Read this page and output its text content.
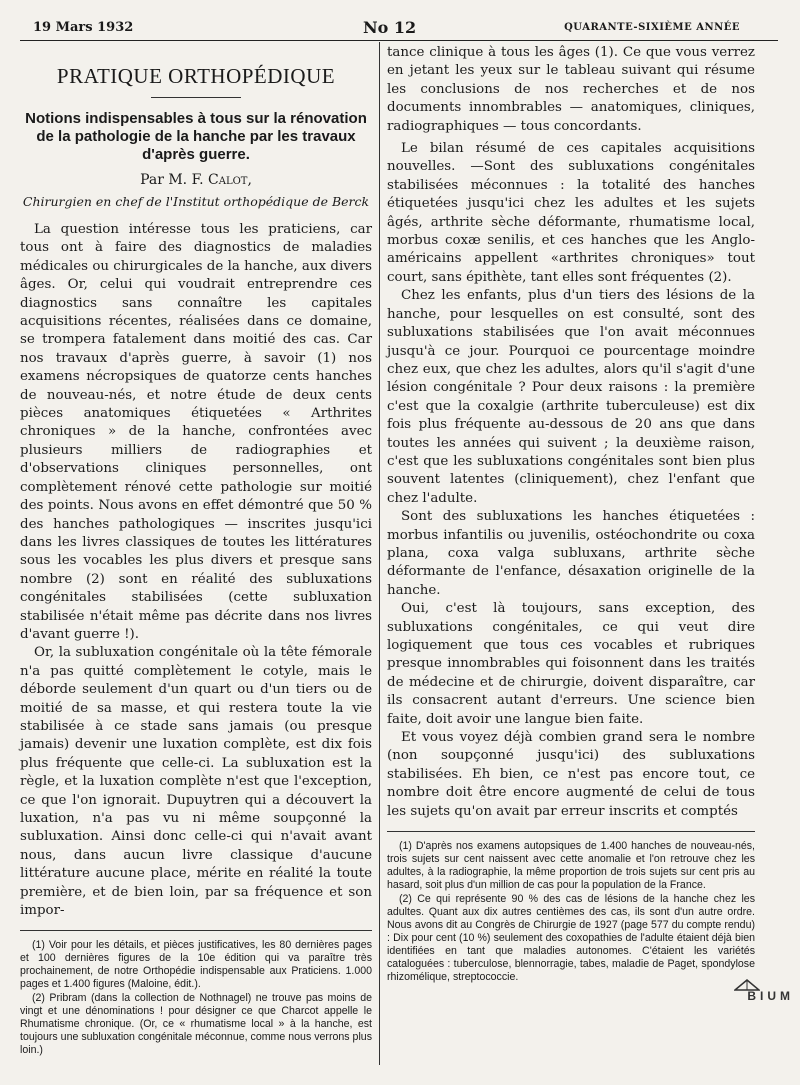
19 Mars 1932	No 12	QUARANTE-SIXIÈME ANNÉE
PRATIQUE ORTHOPÉDIQUE
Notions indispensables à tous sur la rénovation de la pathologie de la hanche par les travaux d'après guerre.
Par M. F. Calot,
Chirurgien en chef de l'Institut orthopédique de Berck

La question intéresse tous les praticiens, car tous ont à faire des diagnostics de maladies médicales ou chirurgicales de la hanche, aux divers âges. Or, celui qui voudrait entreprendre ces diagnostics sans connaître les capitales acquisitions récentes, réalisées dans ce domaine, se trompera fatalement dans moitié des cas. Car nos travaux d'après guerre, à savoir (1) nos examens nécropsiques de quatorze cents hanches de nouveau-nés, et notre étude de deux cents pièces anatomiques étiquetées « Arthrites chroniques » de la hanche, confrontées avec plusieurs milliers de radiographies et d'observations cliniques personnelles, ont complètement rénové cette pathologie sur moitié des points. Nous avons en effet démontré que 50 % des hanches pathologiques — inscrites jusqu'ici dans les livres classiques de toutes les littératures sous les vocables les plus divers et presque sans nombre (2) sont en réalité des subluxations congénitales stabilisées (cette subluxation stabilisée n'était même pas décrite dans nos livres d'avant guerre !).

Or, la subluxation congénitale où la tête fémorale n'a pas quitté complètement le cotyle, mais le déborde seulement d'un quart ou d'un tiers ou de moitié de sa masse, et qui restera toute la vie stabilisée à ce stade sans jamais (ou presque jamais) devenir une luxation complète, est dix fois plus fréquente que celle-ci. La subluxation est la règle, et la luxation complète n'est que l'exception, ce que l'on ignorait. Dupuytren qui a découvert la luxation, n'a pas vu ni même soupçonné la subluxation. Ainsi donc celle-ci qui n'avait avant nous, dans aucun livre classique d'aucune littérature aucune place, mérite en réalité la toute première, et de bien loin, par sa fréquence et son impor-

(1) Voir pour les détails, et pièces justificatives, les 80 dernières pages et 100 dernières figures de la 10e édition qui va paraître très prochainement, de notre Orthopédie indispensable aux Praticiens. 1.000 pages et 1.400 figures (Maloine, édit.).

(2) Pribram (dans la collection de Nothnagel) ne trouve pas moins de vingt et une dénominations ! pour désigner ce que Charcot appelle le Rhumatisme chronique. (Or, ce « rhumatisme local » à la hanche, est toujours une subluxation congénitale méconnue, comme nous verrons plus loin.)

tance clinique à tous les âges (1). Ce que vous verrez en jetant les yeux sur le tableau suivant qui résume les conclusions de nos recherches et de nos documents innombrables — anatomiques, cliniques, radiographiques — tous concordants.

Le bilan résumé de ces capitales acquisitions nouvelles. —Sont des subluxations congénitales stabilisées méconnues : la totalité des hanches étiquetées jusqu'ici chez les adultes et les sujets âgés, arthrite sèche déformante, rhumatisme local, morbus coxæ senilis, et ces hanches que les Anglo-américains appellent «arthrites chroniques» tout court, sans épithète, tant elles sont fréquentes (2).

Chez les enfants, plus d'un tiers des lésions de la hanche, pour lesquelles on est consulté, sont des subluxations stabilisées que l'on avait méconnues jusqu'à ce jour. Pourquoi ce pourcentage moindre chez eux, que chez les adultes, alors qu'il s'agit d'une lésion congénitale ? Pour deux raisons : la première c'est que la coxalgie (arthrite tuberculeuse) est dix fois plus fréquente au-dessous de 20 ans que dans toutes les années qui suivent ; la deuxième raison, c'est que les subluxations congénitales sont bien plus souvent latentes (cliniquement), chez l'enfant que chez l'adulte.

Sont des subluxations les hanches étiquetées : morbus infantilis ou juvenilis, ostéochondrite ou coxa plana, coxa valga subluxans, arthrite sèche déformante de l'enfance, désaxation originelle de la hanche.

Oui, c'est là toujours, sans exception, des subluxations congénitales, ce qui veut dire logiquement que tous ces vocables et rubriques presque innombrables qui foisonnent dans les traités de médecine et de chirurgie, doivent disparaître, car ils consacrent autant d'erreurs. Une science bien faite, doit avoir une langue bien faite.

Et vous voyez déjà combien grand sera le nombre (non soupçonné jusqu'ici) des subluxations stabilisées. Eh bien, ce n'est pas encore tout, ce nombre doit être encore augmenté de celui de tous les sujets qu'on avait par erreur inscrits et comptés

(1) D'après nos examens autopsiques de 1.400 hanches de nouveau-nés, trois sujets sur cent naissent avec cette anomalie et l'on retrouve chez les adultes, à la radiographie, la même proportion de trois sujets sur cent pris au hasard, soit plus d'un million de cas pour la population de la France.

(2) Ce qui représente 90 % des cas de lésions de la hanche chez les adultes. Quant aux dix autres centièmes des cas, ils sont d'un autre ordre. Nous avons dit au Congrès de Chirurgie de 1927 (page 577 du compte rendu) : Dix pour cent (10 %) seulement des coxopathies de l'adulte étaient déjà bien identifiées en tant que maladies autonomes. C'étaient les variétés cataloguées : tuberculose, blennorragie, tabes, maladie de Paget, spondylose rhizomélique, streptococcie.

BIUM
